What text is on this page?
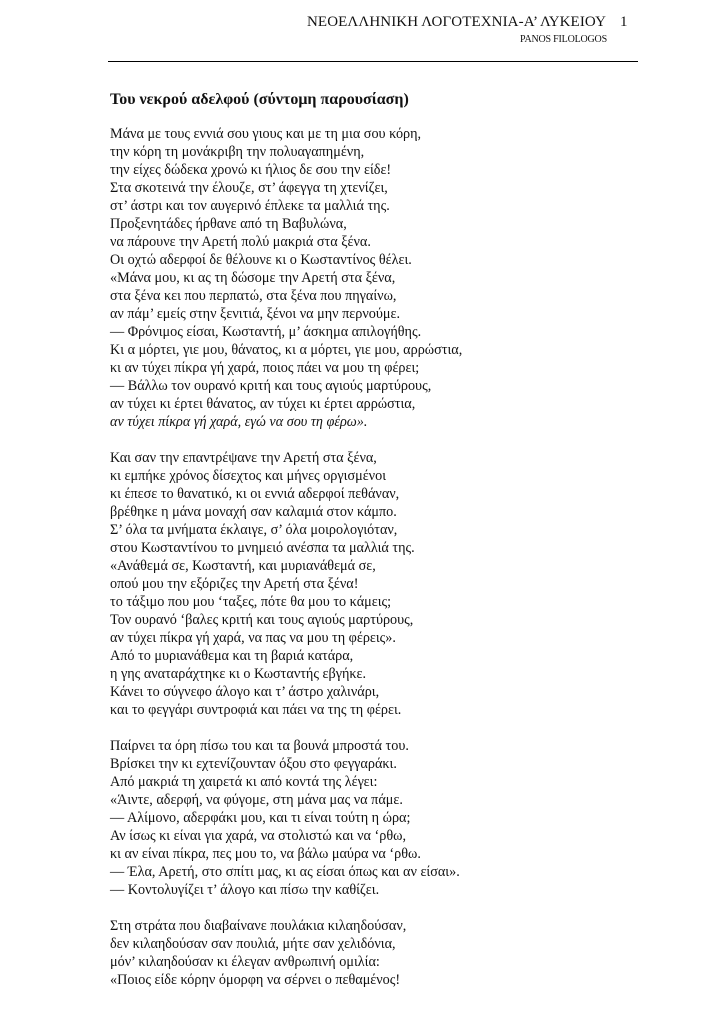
ΝΕΟΕΛΛΗΝΙΚΗ ΛΟΓΟΤΕΧΝΙΑ-Α’ ΛΥΚΕΙΟΥ 1
PANOS FILOLOGOS
Του νεκρού αδελφού (σύντομη παρουσίαση)
Μάνα με τους εννιά σου γιους και με τη μια σου κόρη,
την κόρη τη μονάκριβη την πολυαγαπημένη,
την είχες δώδεκα χρονώ κι ήλιος δε σου την είδε!
Στα σκοτεινά την έλουζε, στ’ άφεγγα τη χτενίζει,
στ’ άστρι και τον αυγερινό έπλεκε τα μαλλιά της.
Προξενητάδες ήρθανε από τη Βαβυλώνα,
να πάρουνε την Αρετή πολύ μακριά στα ξένα.
Οι οχτώ αδερφοί δε θέλουνε κι ο Κωσταντίνος θέλει.
«Μάνα μου, κι ας τη δώσομε την Αρετή στα ξένα,
στα ξένα κει που περπατώ, στα ξένα που πηγαίνω,
αν πάμ’ εμείς στην ξενιτιά, ξένοι να μην περνούμε.
— Φρόνιμος είσαι, Κωσταντή, μ’ άσκημα απιλογήθης.
Κι α μόρτει, γιε μου, θάνατος, κι α μόρτει, γιε μου, αρρώστια,
κι αν τύχει πίκρα γή χαρά, ποιος πάει να μου τη φέρει;
— Βάλλω τον ουρανό κριτή και τους αγιούς μαρτύρους,
αν τύχει κι έρτει θάνατος, αν τύχει κι έρτει αρρώστια,
αν τύχει πίκρα γή χαρά, εγώ να σου τη φέρω».
Και σαν την επαντρέψανε την Αρετή στα ξένα,
κι εμπήκε χρόνος δίσεχτος και μήνες οργισμένοι
κι έπεσε το θανατικό, κι οι εννιά αδερφοί πεθάναν,
βρέθηκε η μάνα μοναχή σαν καλαμιά στον κάμπο.
Σ’ όλα τα μνήματα έκλαιγε, σ’ όλα μοιρολογιόταν,
στου Κωσταντίνου το μνημειό ανέσπα τα μαλλιά της.
«Ανάθεμά σε, Κωσταντή, και μυριανάθεμά σε,
οπού μου την εξόριζες την Αρετή στα ξένα!
το τάξιμο που μου ‘ταξες, πότε θα μου το κάμεις;
Τον ουρανό ‘βαλες κριτή και τους αγιούς μαρτύρους,
αν τύχει πίκρα γή χαρά, να πας να μου τη φέρεις».
Από το μυριανάθεμα και τη βαριά κατάρα,
η γης αναταράχτηκε κι ο Κωσταντής εβγήκε.
Κάνει το σύγνεφο άλογο και τ’ άστρο χαλινάρι,
και το φεγγάρι συντροφιά και πάει να της τη φέρει.
Παίρνει τα όρη πίσω του και τα βουνά μπροστά του.
Βρίσκει την κι εχτενίζουνταν όξου στο φεγγαράκι.
Από μακριά τη χαιρετά κι από κοντά της λέγει:
«Άιντε, αδερφή, να φύγομε, στη μάνα μας να πάμε.
— Αλίμονο, αδερφάκι μου, και τι είναι τούτη η ώρα;
Αν ίσως κι είναι για χαρά, να στολιστώ και να ‘ρθω,
κι αν είναι πίκρα, πες μου το, να βάλω μαύρα να ‘ρθω.
— Έλα, Αρετή, στο σπίτι μας, κι ας είσαι όπως και αν είσαι».
— Κοντολυγίζει τ’ άλογο και πίσω την καθίζει.
Στη στράτα που διαβαίνανε πουλάκια κιλαηδούσαν,
δεν κιλαηδούσαν σαν πουλιά, μήτε σαν χελιδόνια,
μόν’ κιλαηδούσαν κι έλεγαν ανθρωπινή ομιλία:
«Ποιος είδε κόρην όμορφη να σέρνει ο πεθαμένος!
